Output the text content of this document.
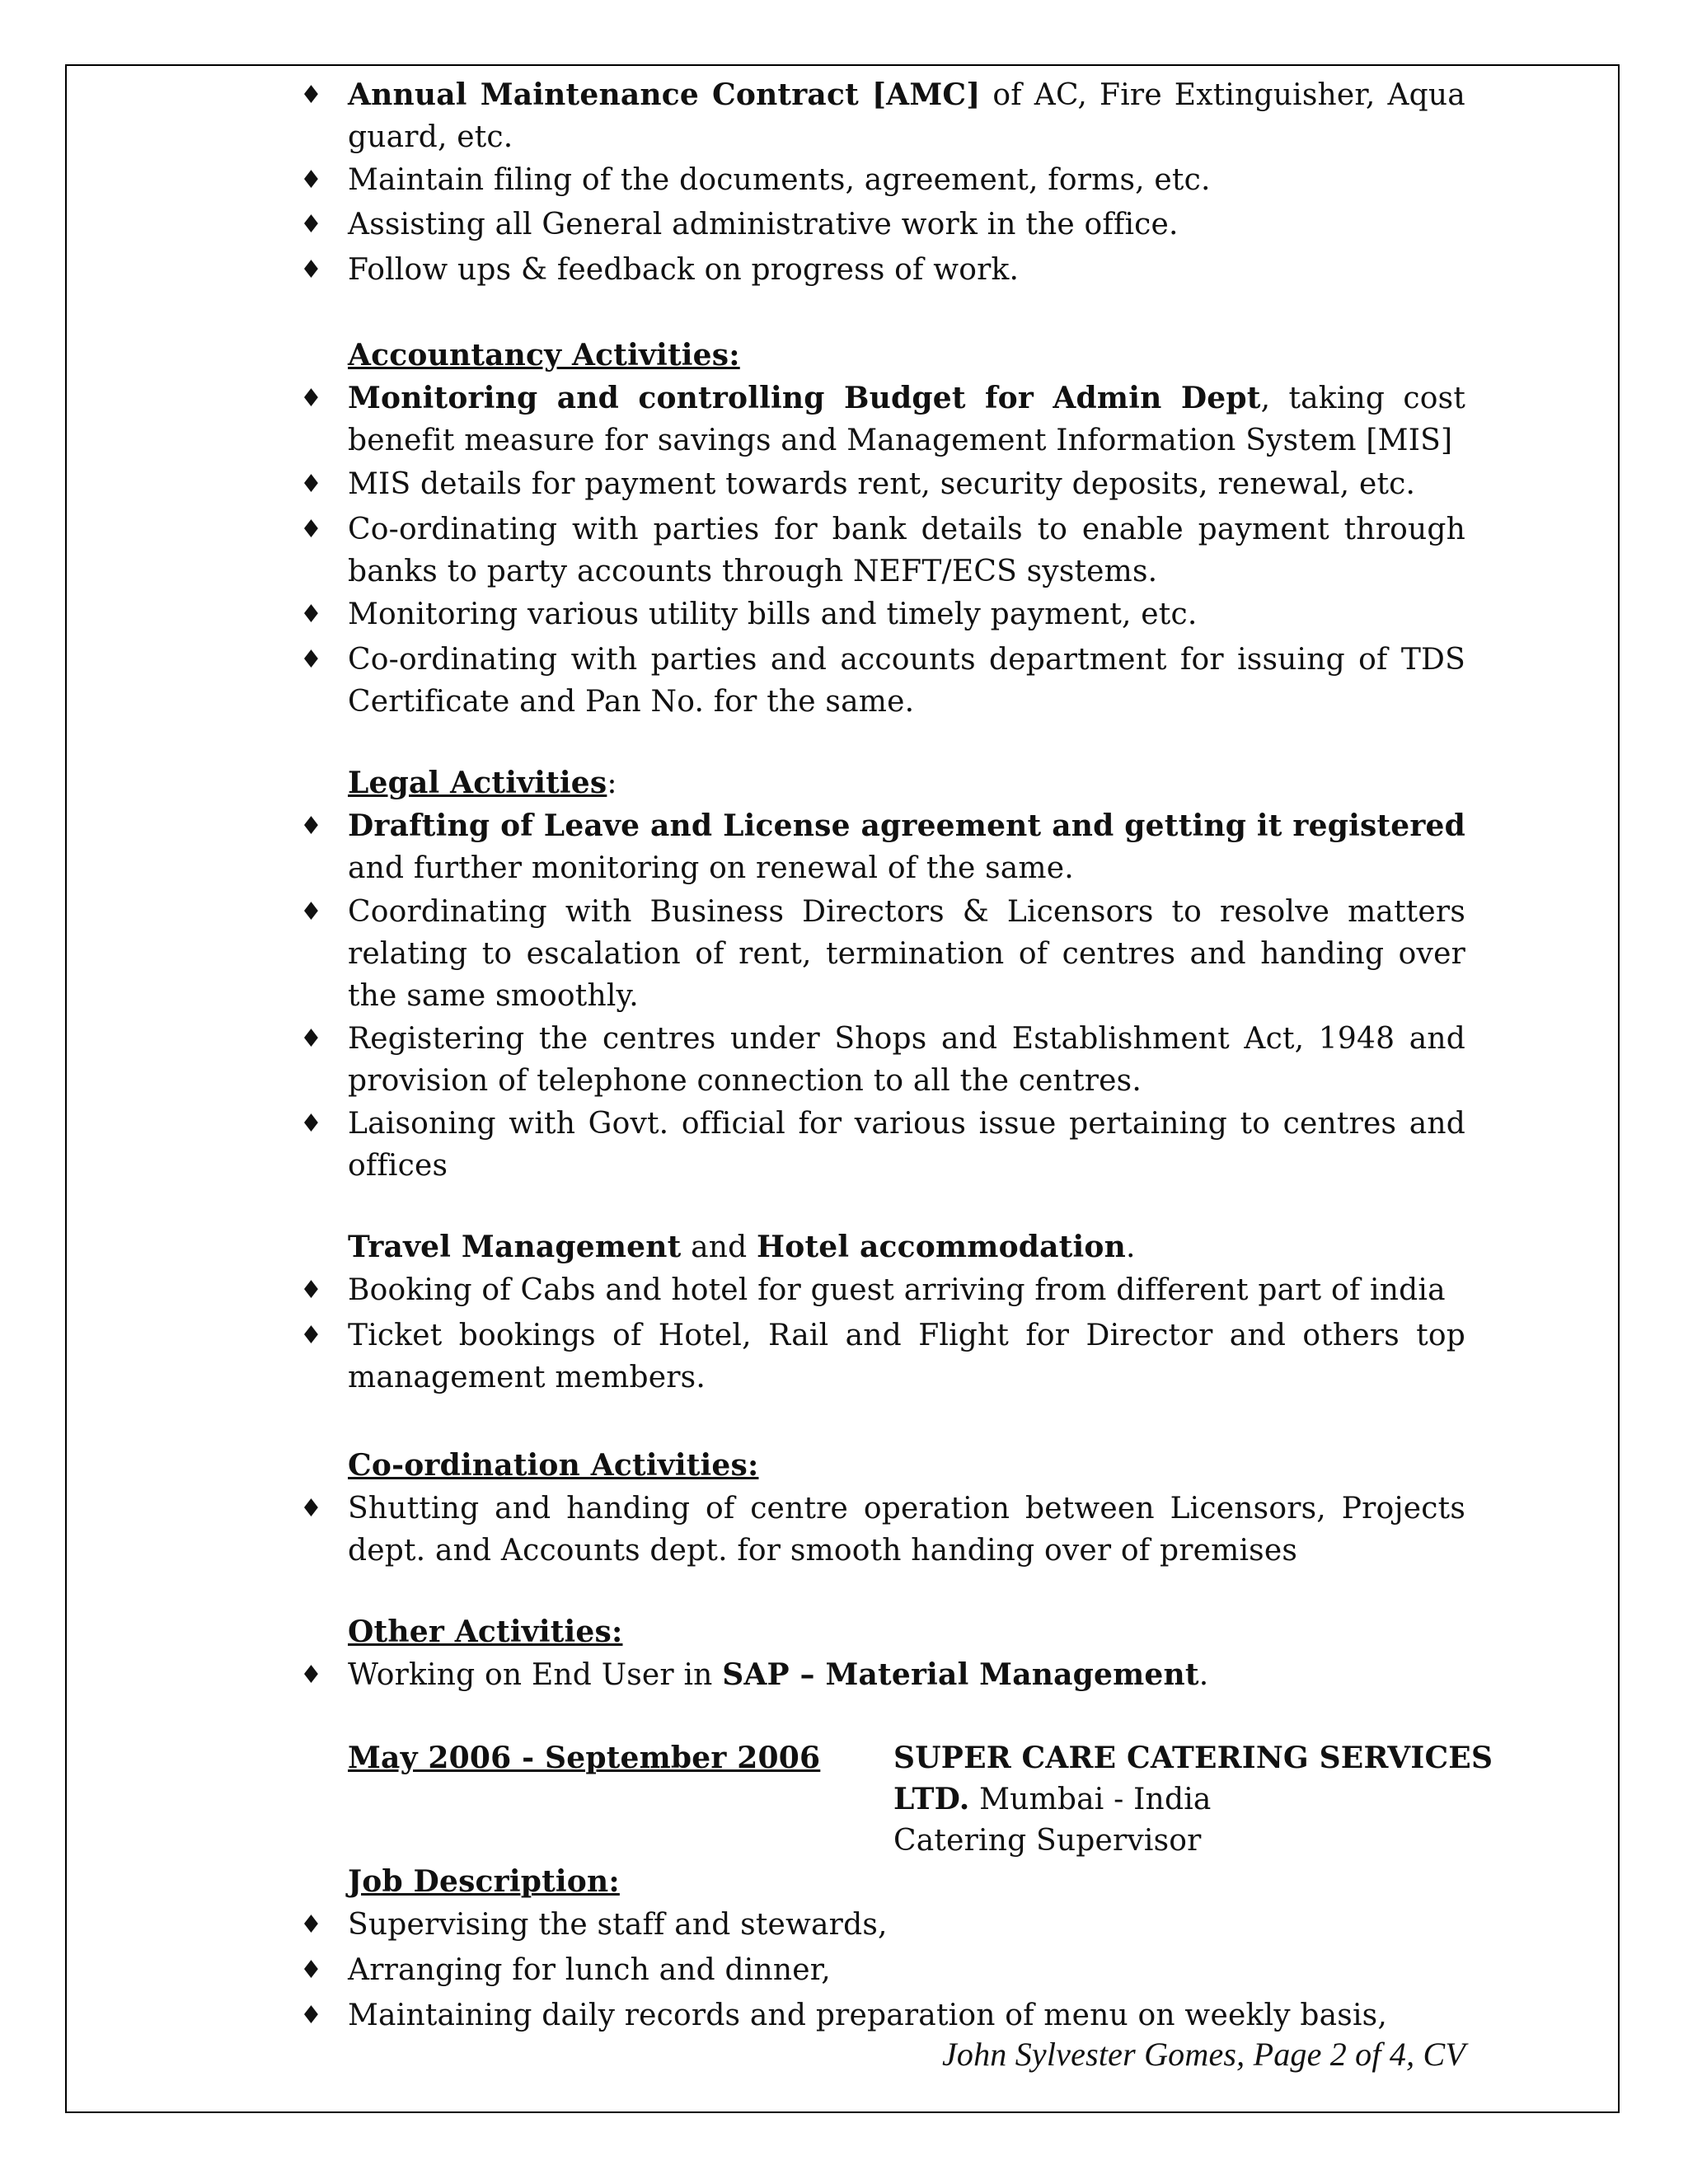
♦ Annual Maintenance Contract [AMC] of AC, Fire Extinguisher, Aqua guard, etc.
♦ Maintain filing of the documents, agreement, forms, etc.
♦ Assisting all General administrative work in the office.
♦ Follow ups & feedback on progress of work.
Accountancy Activities:
♦ Monitoring and controlling Budget for Admin Dept, taking cost benefit measure for savings and Management Information System [MIS]
♦ MIS details for payment towards rent, security deposits, renewal, etc.
♦ Co-ordinating with parties for bank details to enable payment through banks to party accounts through NEFT/ECS systems.
♦ Monitoring various utility bills and timely payment, etc.
♦ Co-ordinating with parties and accounts department for issuing of TDS Certificate and Pan No. for the same.
Legal Activities:
♦ Drafting of Leave and License agreement and getting it registered and further monitoring on renewal of the same.
♦ Coordinating with Business Directors & Licensors to resolve matters relating to escalation of rent, termination of centres and handing over the same smoothly.
♦ Registering the centres under Shops and Establishment Act, 1948 and provision of telephone connection to all the centres.
♦ Laisoning with Govt. official for various issue pertaining to centres and offices
Travel Management and Hotel accommodation.
♦ Booking of Cabs and hotel for guest arriving from different part of india
♦ Ticket bookings of Hotel, Rail and Flight for Director and others top management members.
Co-ordination Activities:
♦ Shutting and handing of centre operation between Licensors, Projects dept. and Accounts dept. for smooth handing over of premises
Other Activities:
♦ Working on End User in SAP – Material Management.
May 2006 - September 2006 SUPER CARE CATERING SERVICES
LTD. Mumbai - India
Catering Supervisor
Job Description:
♦ Supervising the staff and stewards,
♦ Arranging for lunch and dinner,
♦ Maintaining daily records and preparation of menu on weekly basis,
John Sylvester Gomes, Page 2 of 4, CV
